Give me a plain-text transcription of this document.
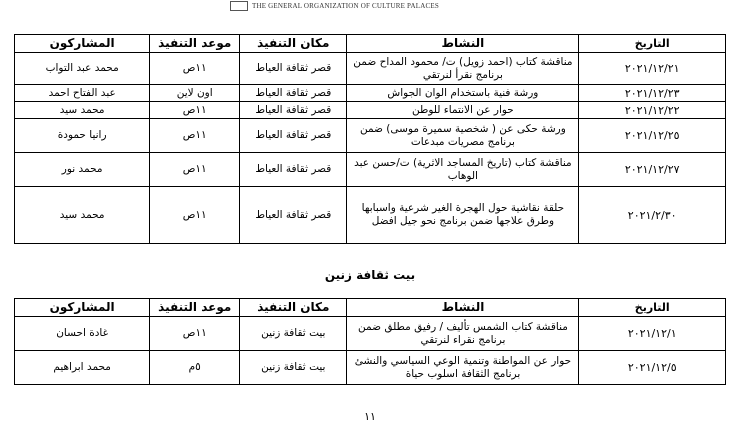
THE GENERAL ORGANIZATION OF CULTURE PALACES
التاريخ	النشاط	مكان التنفيذ	موعد التنفيذ	المشاركون
٢٠٢١/١٢/٢١	مناقشة كتاب (احمد زويل) ت/ محمود المداح ضمن برنامج نقرأ لنرتقي	قصر ثقافة العياط	١١ص	محمد عبد التواب
٢٠٢١/١٢/٢٣	ورشة فنية باستخدام الوان الجواش	قصر ثقافة العياط	اون لاين	عبد الفتاح احمد
٢٠٢١/١٢/٢٢	حوار عن الانتماء للوطن	قصر ثقافة العياط	١١ص	محمد سيد
٢٠٢١/١٢/٢٥	ورشة حكى عن ( شخصية سميرة موسى) ضمن برنامج مصريات مبدعات	قصر ثقافة العياط	١١ص	رانيا حمودة
٢٠٢١/١٢/٢٧	مناقشة كتاب (تاريخ المساجد الاثرية) ت/حسن عبد الوهاب	قصر ثقافة العياط	١١ص	محمد نور
٢٠٢١/٢/٣٠	حلقة نقاشية حول الهجرة الغير شرعية واسبابها وطرق علاجها ضمن برنامج نحو جيل افضل	قصر ثقافة العياط	١١ص	محمد سيد
بيت ثقافة زنين
التاريخ	النشاط	مكان التنفيذ	موعد التنفيذ	المشاركون
٢٠٢١/١٢/١	مناقشة كتاب الشمس تأليف / رفيق مطلق ضمن برنامج نقراء لنرتقي	بيت ثقافة زنين	١١ص	غادة احسان
٢٠٢١/١٢/٥	حوار عن المواطنة وتنمية الوعي السياسي والنشئ برنامج الثقافة اسلوب حياة	بيت ثقافة زنين	٥م	محمد ابراهيم
١١
